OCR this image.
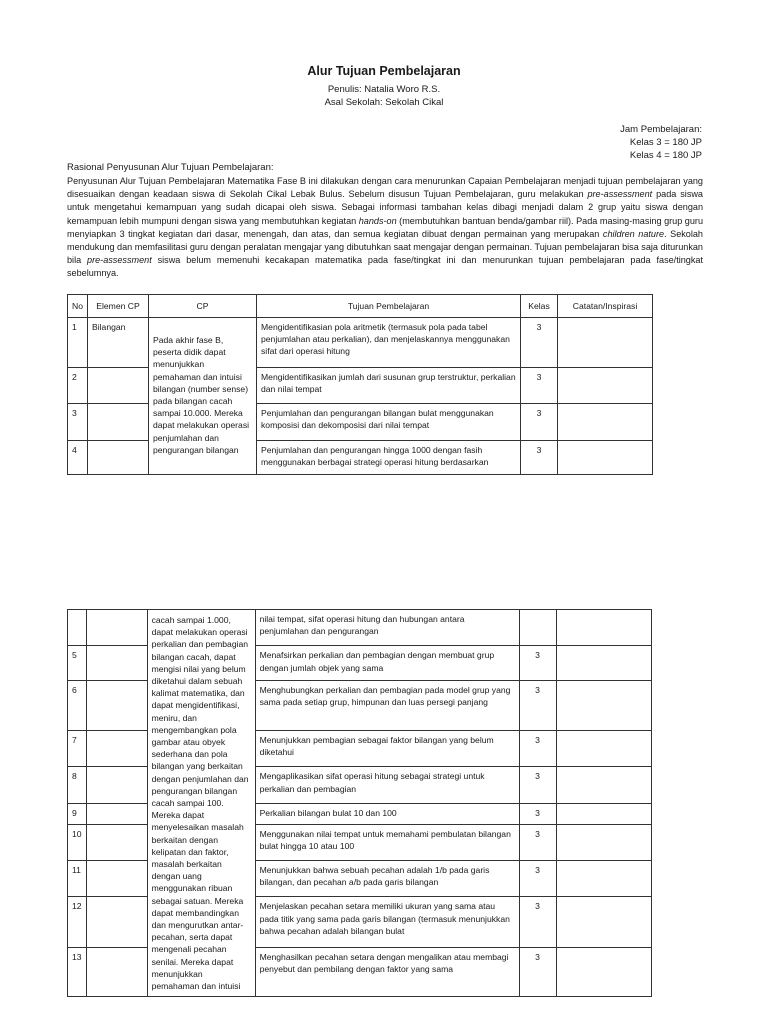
Alur Tujuan Pembelajaran
Penulis: Natalia Woro R.S.
Asal Sekolah: Sekolah Cikal
Jam Pembelajaran:
Kelas 3 = 180 JP
Kelas 4 = 180 JP
Rasional Penyusunan Alur Tujuan Pembelajaran:
Penyusunan Alur Tujuan Pembelajaran Matematika Fase B ini dilakukan dengan cara menurunkan Capaian Pembelajaran menjadi tujuan pembelajaran yang disesuaikan dengan keadaan siswa di Sekolah Cikal Lebak Bulus. Sebelum disusun Tujuan Pembelajaran, guru melakukan pre-assessment pada siswa untuk mengetahui kemampuan yang sudah dicapai oleh siswa. Sebagai informasi tambahan kelas dibagi menjadi dalam 2 grup yaitu siswa dengan kemampuan lebih mumpuni dengan siswa yang membutuhkan kegiatan hands-on (membutuhkan bantuan benda/gambar riil). Pada masing-masing grup guru menyiapkan 3 tingkat kegiatan dari dasar, menengah, dan atas, dan semua kegiatan dibuat dengan permainan yang merupakan children nature. Sekolah mendukung dan memfasilitasi guru dengan peralatan mengajar yang dibutuhkan saat mengajar dengan permainan. Tujuan pembelajaran bisa saja diturunkan bila pre-assessment siswa belum memenuhi kecakapan matematika pada fase/tingkat ini dan menurunkan tujuan pembelajaran pada fase/tingkat sebelumnya.
No	Elemen CP	CP	Tujuan Pembelajaran	Kelas	Catatan/Inspirasi
1	Bilangan	Pada akhir fase B, peserta didik dapat menunjukkan pemahaman dan intuisi bilangan (number sense) pada bilangan cacah sampai 10.000. Mereka dapat melakukan operasi penjumlahan dan pengurangan bilangan	Mengidentifikasian pola aritmetik (termasuk pola pada tabel penjumlahan atau perkalian), dan menjelaskannya menggunakan sifat dari operasi hitung	3	
2			Mengidentifikasikan jumlah dari susunan grup terstruktur, perkalian dan nilai tempat	3	
3			Penjumlahan dan pengurangan bilangan bulat menggunakan komposisi dan dekomposisi dari nilai tempat	3	
4			Penjumlahan dan pengurangan hingga 1000 dengan fasih menggunakan berbagai strategi operasi hitung berdasarkan	3	

		cacah sampai 1.000, dapat melakukan operasi perkalian dan pembagian bilangan cacah, dapat mengisi nilai yang belum diketahui dalam sebuah kalimat matematika, dan dapat mengidentifikasi, meniru, dan mengembangkan pola gambar atau obyek sederhana dan pola bilangan yang berkaitan dengan penjumlahan dan pengurangan bilangan cacah sampai 100. Mereka dapat menyelesaikan masalah berkaitan dengan kelipatan dan faktor, masalah berkaitan dengan uang menggunakan ribuan sebagai satuan. Mereka dapat membandingkan dan mengurutkan antar-pecahan, serta dapat mengenali pecahan senilai. Mereka dapat menunjukkan pemahaman dan intuisi	nilai tempat, sifat operasi hitung dan hubungan antara penjumlahan dan pengurangan		
5			Menafsirkan perkalian dan pembagian dengan membuat grup dengan jumlah objek yang sama	3	
6			Menghubungkan perkalian dan pembagian pada model grup yang sama pada setiap grup, himpunan dan luas persegi panjang	3	
7			Menunjukkan pembagian sebagai faktor bilangan yang belum diketahui	3	
8			Mengaplikasikan sifat operasi hitung sebagai strategi untuk perkalian dan pembagian	3	
9			Perkalian bilangan bulat 10 dan 100	3	
10			Menggunakan nilai tempat untuk memahami pembulatan bilangan bulat hingga 10 atau 100	3	
11			Menunjukkan bahwa sebuah pecahan adalah 1/b pada garis bilangan, dan pecahan a/b pada garis bilangan	3	
12			Menjelaskan pecahan setara memiliki ukuran yang sama atau pada titik yang sama pada garis bilangan (termasuk menunjukkan bahwa pecahan adalah bilangan bulat	3	
13			Menghasilkan pecahan setara dengan mengalikan atau membagi penyebut dan pembilang dengan faktor yang sama	3	
